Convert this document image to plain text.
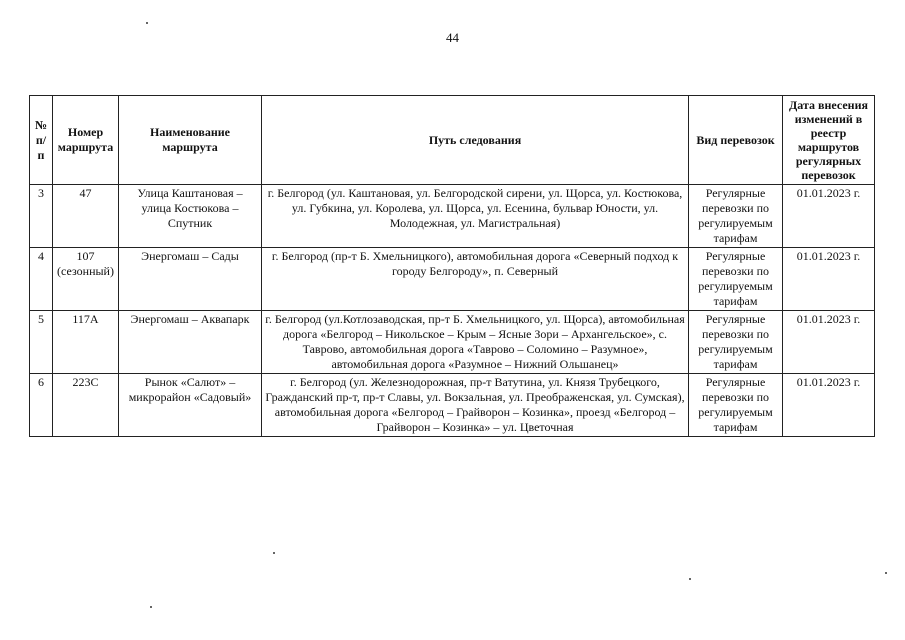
44
№ п/п	Номер маршрута	Наименование маршрута	Путь следования	Вид перевозок	Дата внесения изменений в реестр маршрутов регулярных перевозок
3	47	Улица Каштановая – улица Костюкова – Спутник	г. Белгород (ул. Каштановая, ул. Белгородской сирени, ул. Щорса, ул. Костюкова, ул. Губкина, ул. Королева, ул. Щорса, ул. Есенина, бульвар Юности, ул. Молодежная, ул. Магистральная)	Регулярные перевозки по регулируемым тарифам	01.01.2023 г.
4	107 (сезонный)	Энергомаш – Сады	г. Белгород (пр-т Б. Хмельницкого), автомобильная дорога «Северный подход к городу Белгороду», п. Северный	Регулярные перевозки по регулируемым тарифам	01.01.2023 г.
5	117А	Энергомаш – Аквапарк	г. Белгород (ул.Котлозаводская, пр-т Б. Хмельницкого, ул. Щорса), автомобильная дорога «Белгород – Никольское – Крым – Ясные Зори – Архангельское», с. Таврово, автомобильная дорога «Таврово – Соломино – Разумное», автомобильная дорога «Разумное – Нижний Ольшанец»	Регулярные перевозки по регулируемым тарифам	01.01.2023 г.
6	223С	Рынок «Салют» – микрорайон «Садовый»	г. Белгород (ул. Железнодорожная, пр-т Ватутина, ул. Князя Трубецкого, Гражданский пр-т, пр-т Славы, ул. Вокзальная, ул. Преображенская, ул. Сумская), автомобильная дорога «Белгород – Грайворон – Козинка», проезд «Белгород – Грайворон – Козинка» – ул. Цветочная	Регулярные перевозки по регулируемым тарифам	01.01.2023 г.
